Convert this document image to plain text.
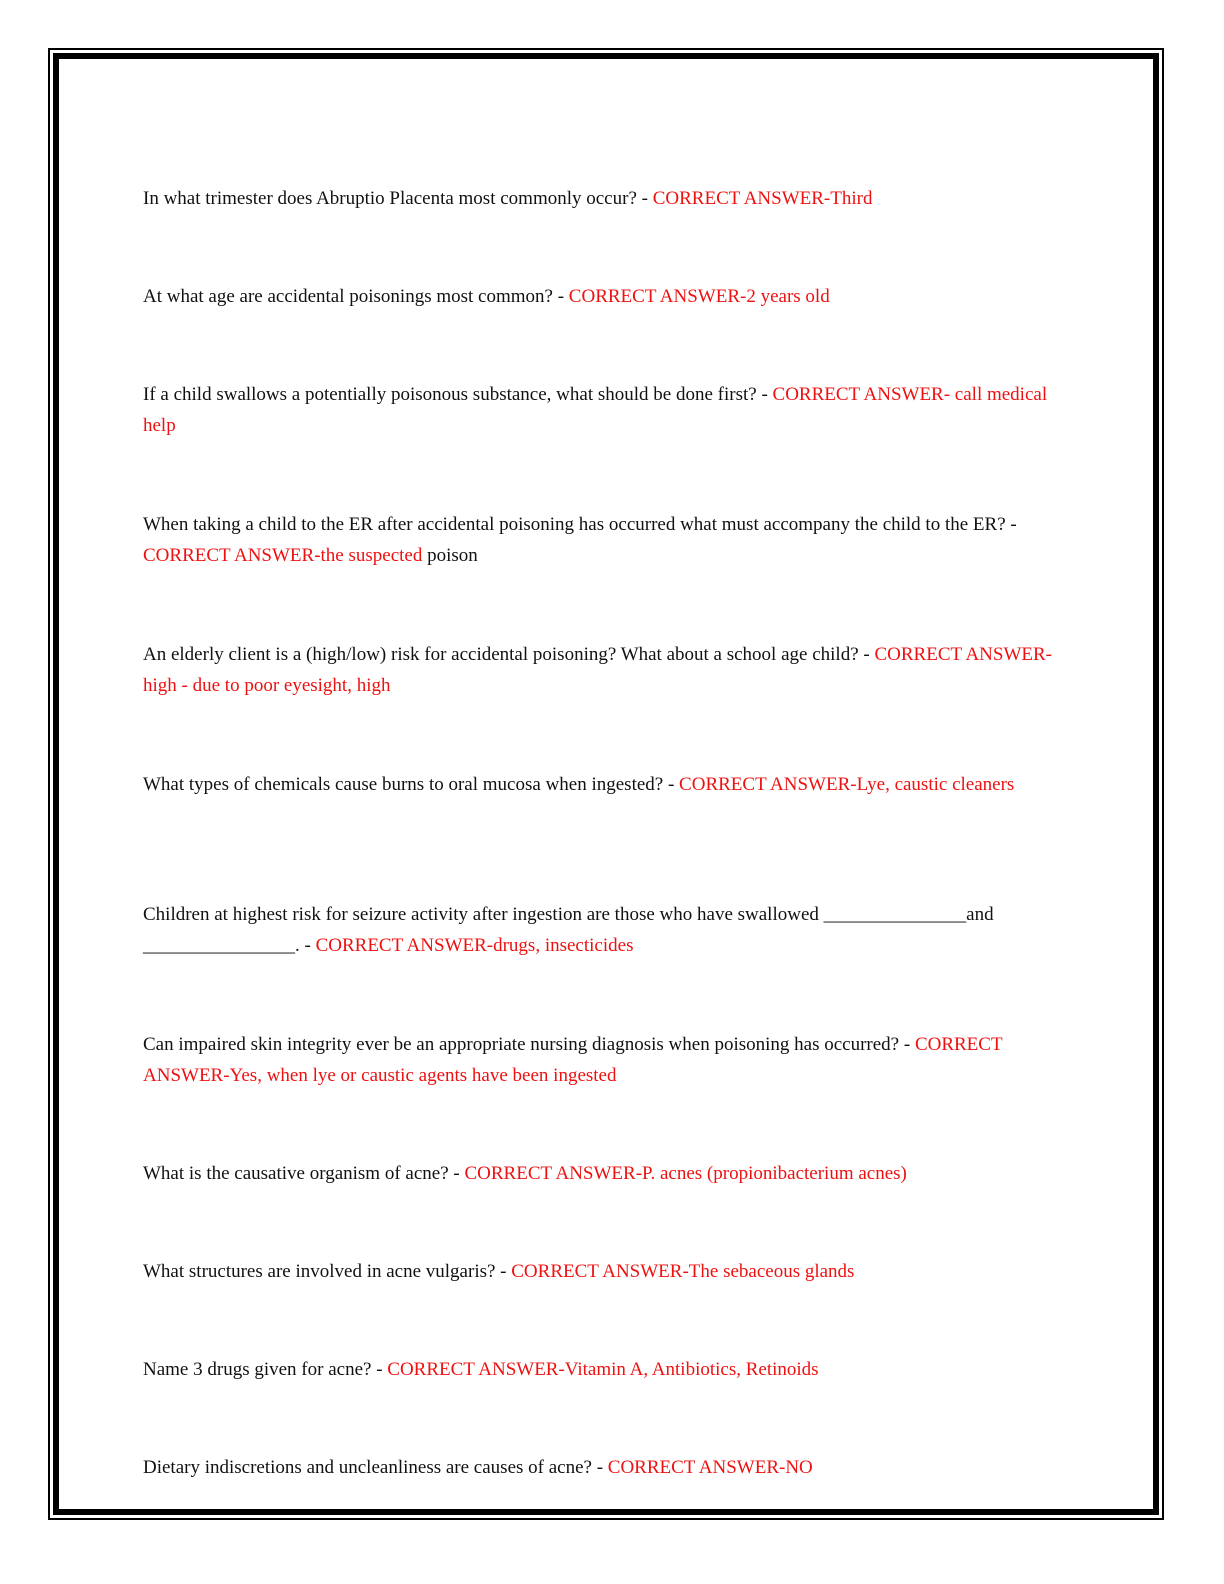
In what trimester does Abruptio Placenta most commonly occur? - CORRECT ANSWER-Third

At what age are accidental poisonings most common? - CORRECT ANSWER-2 years old

If a child swallows a potentially poisonous substance, what should be done first? - CORRECT ANSWER- call medical help

When taking a child to the ER after accidental poisoning has occurred what must accompany the child to the ER? - CORRECT ANSWER-the suspected poison

An elderly client is a (high/low) risk for accidental poisoning? What about a school age child? - CORRECT ANSWER-high - due to poor eyesight, high

What types of chemicals cause burns to oral mucosa when ingested? - CORRECT ANSWER-Lye, caustic cleaners

Children at highest risk for seizure activity after ingestion are those who have swallowed _______________and ________________. - CORRECT ANSWER-drugs, insecticides

Can impaired skin integrity ever be an appropriate nursing diagnosis when poisoning has occurred? - CORRECT ANSWER-Yes, when lye or caustic agents have been ingested

What is the causative organism of acne? - CORRECT ANSWER-P. acnes (propionibacterium acnes)

What structures are involved in acne vulgaris? - CORRECT ANSWER-The sebaceous glands

Name 3 drugs given for acne? - CORRECT ANSWER-Vitamin A, Antibiotics, Retinoids

Dietary indiscretions and uncleanliness are causes of acne? - CORRECT ANSWER-NO
